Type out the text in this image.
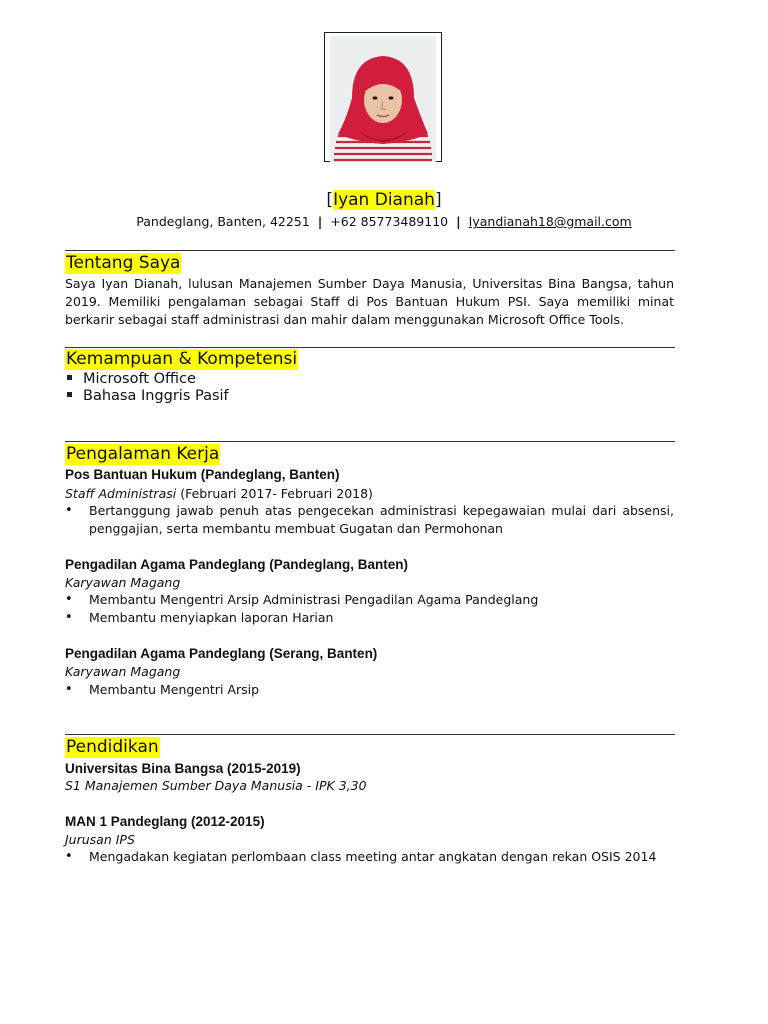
[Iyan Dianah]
Pandeglang, Banten, 42251 | +62 85773489110 | Iyandianah18@gmail.com
Tentang Saya
Saya Iyan Dianah, lulusan Manajemen Sumber Daya Manusia, Universitas Bina Bangsa, tahun 2019. Memiliki pengalaman sebagai Staff di Pos Bantuan Hukum PSI. Saya memiliki minat berkarir sebagai staff administrasi dan mahir dalam menggunakan Microsoft Office Tools.
Kemampuan & Kompetensi
Microsoft Office
Bahasa Inggris Pasif
Pengalaman Kerja
Pos Bantuan Hukum (Pandeglang, Banten)
Staff Administrasi (Februari 2017- Februari 2018)
•	Bertanggung jawab penuh atas pengecekan administrasi kepegawaian mulai dari absensi, penggajian, serta membantu membuat Gugatan dan Permohonan
Pengadilan Agama Pandeglang (Pandeglang, Banten)
Karyawan Magang
•	Membantu Mengentri Arsip Administrasi Pengadilan Agama Pandeglang
•	Membantu menyiapkan laporan Harian
Pengadilan Agama Pandeglang (Serang, Banten)
Karyawan Magang
•	Membantu Mengentri Arsip
Pendidikan
Universitas Bina Bangsa (2015-2019)
S1 Manajemen Sumber Daya Manusia - IPK 3,30
MAN 1 Pandeglang (2012-2015)
Jurusan IPS
•	Mengadakan kegiatan perlombaan class meeting antar angkatan dengan rekan OSIS 2014
